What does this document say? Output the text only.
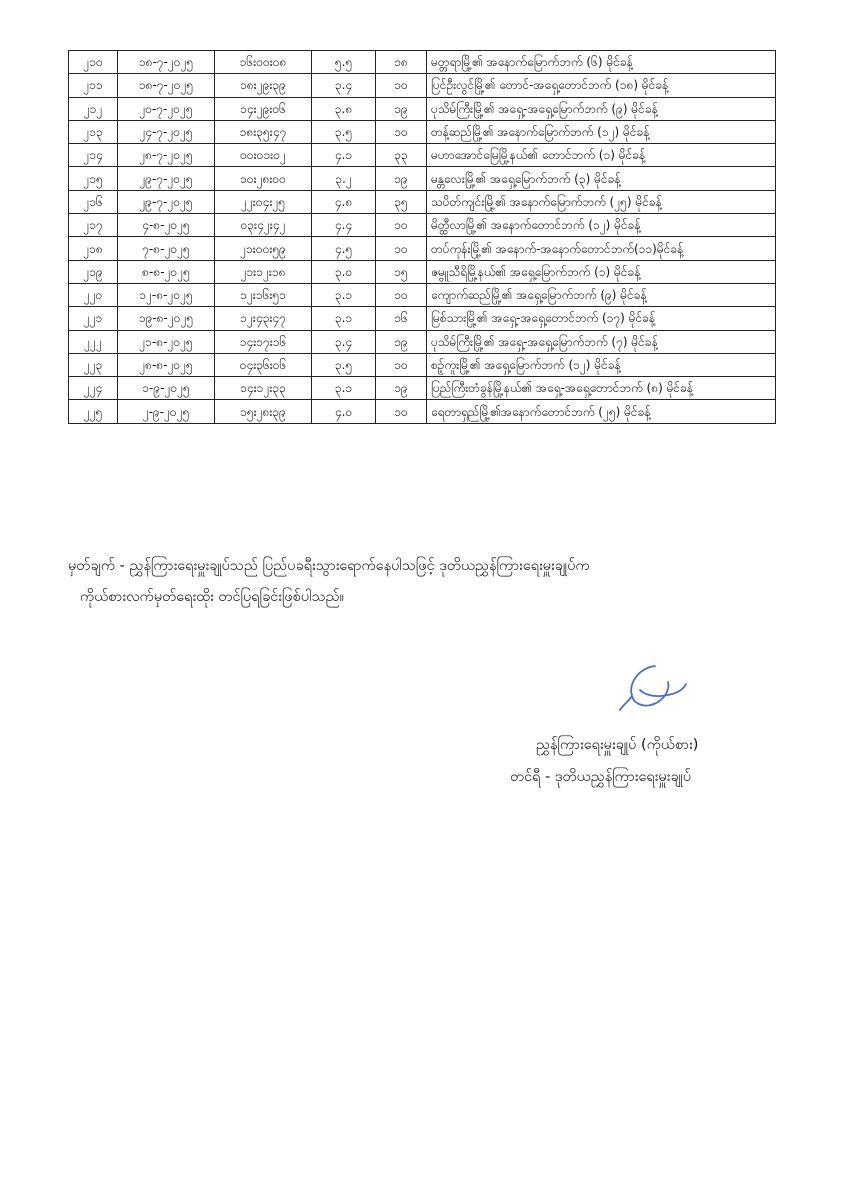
၂၁၀	၁၈-၇-၂၀၂၅	၁၆း၀၀း၀၈	၅.၅	၁၈	မတ္တရာမြို့၏ အနောက်မြောက်ဘက် (၆) မိုင်ခန့်
၂၁၁	၁၈-၇-၂၀၂၅	၁၈း၂၉း၃၉	၃.၄	၁၀	ပြင်ဦးလွင်မြို့၏ တောင်-အရှေ့တောင်ဘက် (၁၈) မိုင်ခန့်
၂၁၂	၂၀-၇-၂၀၂၅	၁၄း၂၉း၀၆	၃.၈	၁၉	ပုသိမ်ကြီးမြို့၏ အရှေ့-အရှေ့မြောက်ဘက် (၉) မိုင်ခန့်
၂၁၃	၂၄-၇-၂၀၂၅	၁၈း၃၅း၄၇	၃.၅	၁၀	တန့်ဆည်မြို့၏ အနောက်မြောက်ဘက် (၁၂) မိုင်ခန့်
၂၁၄	၂၈-၇-၂၀၂၅	၀၀း၀၁း၀၂	၄.၁	၃၃	မဟာအောင်မြေမြို့နယ်၏ တောင်ဘက် (၁) မိုင်ခန့်
၂၁၅	၂၉-၇-၂၀၂၅	၁၀း၂၈း၀၀	၃.၂	၁၉	မန္တလေးမြို့၏ အရှေ့မြောက်ဘက် (၃) မိုင်ခန့်
၂၁၆	၂၉-၇-၂၀၂၅	၂၂း၀၄း၂၅	၄.၈	၃၅	သပိတ်ကျင်းမြို့၏ အနောက်မြောက်ဘက် (၂၅) မိုင်ခန့်
၂၁၇	၄-၈-၂၀၂၅	၀၃း၄၂း၄၂	၄.၄	၁၀	မိတ္ထီလာမြို့၏ အနောက်တောင်ဘက် (၁၂) မိုင်ခန့်
၂၁၈	၇-၈-၂၀၂၅	၂၁း၀၀း၅၉	၄.၅	၁၀	တပ်ကုန်းမြို့၏ အနောက်-အနောက်တောင်ဘက်(၁၁)မိုင်ခန့်
၂၁၉	၈-၈-၂၀၂၅	၂၁း၁၂း၁၈	၃.၀	၁၅	ဇမ္ဗူသီရိမြို့နယ်၏ အရှေ့မြောက်ဘက် (၁) မိုင်ခန့်
၂၂၀	၁၂-၈-၂၀၂၅	၁၂း၁၆း၅၁	၃.၁	၁၀	ကျောက်ဆည်မြို့၏ အရှေ့မြောက်ဘက် (၉) မိုင်ခန့်
၂၂၁	၁၉-၈-၂၀၂၅	၁၂း၄၃း၄၇	၃.၁	၁၆	မြစ်သားမြို့၏ အရှေ့-အရှေ့တောင်ဘက် (၁၇) မိုင်ခန့်
၂၂၂	၂၁-၈-၂၀၂၅	၁၄း၁၇း၁၆	၃.၄	၁၉	ပုသိမ်ကြီးမြို့၏ အရှေ့-အရှေ့မြောက်ဘက် (၇) မိုင်ခန့်
၂၂၃	၂၈-၈-၂၀၂၅	၀၄း၃၆း၀၆	၃.၅	၁၀	စဉ့်ကူးမြို့၏ အရှေ့မြောက်ဘက် (၁၂) မိုင်ခန့်
၂၂၄	၁-၉-၂၀၂၅	၁၄း၁၂း၃၃	၃.၁	၁၉	ပြည်ကြီးတံခွန်မြို့နယ်၏ အရှေ့-အရှေ့တောင်ဘက် (၈) မိုင်ခန့်
၂၂၅	၂-၉-၂၀၂၅	၁၅း၂၈း၃၉	၄.၀	၁၀	ရေတာရှည်မြို့၏အနောက်တောင်ဘက် (၂၅) မိုင်ခန့်
မှတ်ချက် - ညွှန်ကြားရေးမှူးချုပ်သည် ပြည်ပခရီးသွားရောက်နေပါသဖြင့် ဒုတိယညွှန်ကြားရေးမှူးချုပ်က
ကိုယ်စားလက်မှတ်ရေးထိုး တင်ပြရခြင်းဖြစ်ပါသည်။
ညွှန်ကြားရေးမှူးချုပ် (ကိုယ်စား)
တင်ရီ - ဒုတိယညွှန်ကြားရေးမှူးချုပ်
